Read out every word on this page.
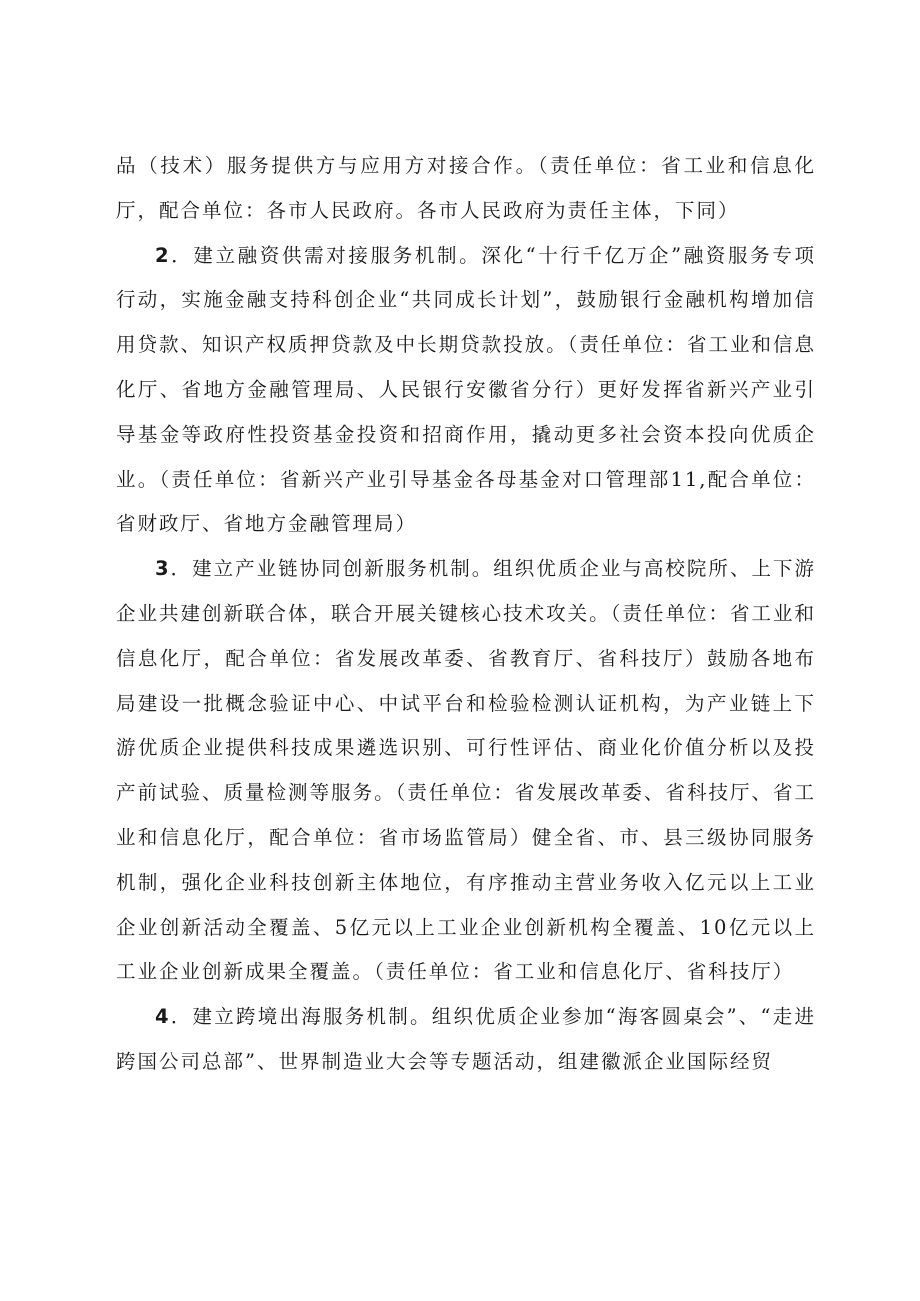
品（技术）服务提供方与应用方对接合作。（责任单位：省工业和信息化厅，配合单位：各市人民政府。各市人民政府为责任主体，下同）

2．建立融资供需对接服务机制。深化“十行千亿万企”融资服务专项行动，实施金融支持科创企业“共同成长计划”，鼓励银行金融机构增加信用贷款、知识产权质押贷款及中长期贷款投放。（责任单位：省工业和信息化厅、省地方金融管理局、人民银行安徽省分行）更好发挥省新兴产业引导基金等政府性投资基金投资和招商作用，撬动更多社会资本投向优质企业。（责任单位：省新兴产业引导基金各母基金对口管理部11,配合单位：省财政厅、省地方金融管理局）

3．建立产业链协同创新服务机制。组织优质企业与高校院所、上下游企业共建创新联合体，联合开展关键核心技术攻关。（责任单位：省工业和信息化厅，配合单位：省发展改革委、省教育厅、省科技厅）鼓励各地布局建设一批概念验证中心、中试平台和检验检测认证机构，为产业链上下游优质企业提供科技成果遴选识别、可行性评估、商业化价值分析以及投产前试验、质量检测等服务。（责任单位：省发展改革委、省科技厅、省工业和信息化厅，配合单位：省市场监管局）健全省、市、县三级协同服务机制，强化企业科技创新主体地位，有序推动主营业务收入亿元以上工业企业创新活动全覆盖、5亿元以上工业企业创新机构全覆盖、10亿元以上工业企业创新成果全覆盖。（责任单位：省工业和信息化厅、省科技厅）

4．建立跨境出海服务机制。组织优质企业参加“海客圆桌会”、“走进跨国公司总部”、世界制造业大会等专题活动，组建徽派企业国际经贸
